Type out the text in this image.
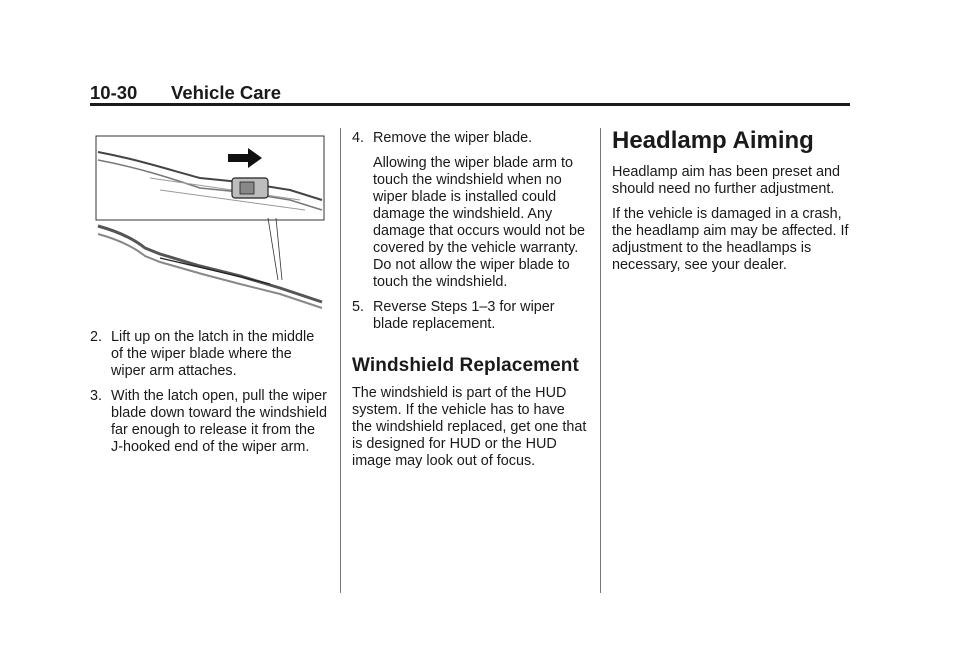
10-30 Vehicle Care
2. Lift up on the latch in the middle of the wiper blade where the wiper arm attaches.
3. With the latch open, pull the wiper blade down toward the windshield far enough to release it from the J-hooked end of the wiper arm.
4. Remove the wiper blade.
Allowing the wiper blade arm to touch the windshield when no wiper blade is installed could damage the windshield. Any damage that occurs would not be covered by the vehicle warranty. Do not allow the wiper blade to touch the windshield.
5. Reverse Steps 1–3 for wiper blade replacement.
Windshield Replacement
The windshield is part of the HUD system. If the vehicle has to have the windshield replaced, get one that is designed for HUD or the HUD image may look out of focus.
Headlamp Aiming
Headlamp aim has been preset and should need no further adjustment.
If the vehicle is damaged in a crash, the headlamp aim may be affected. If adjustment to the headlamps is necessary, see your dealer.
